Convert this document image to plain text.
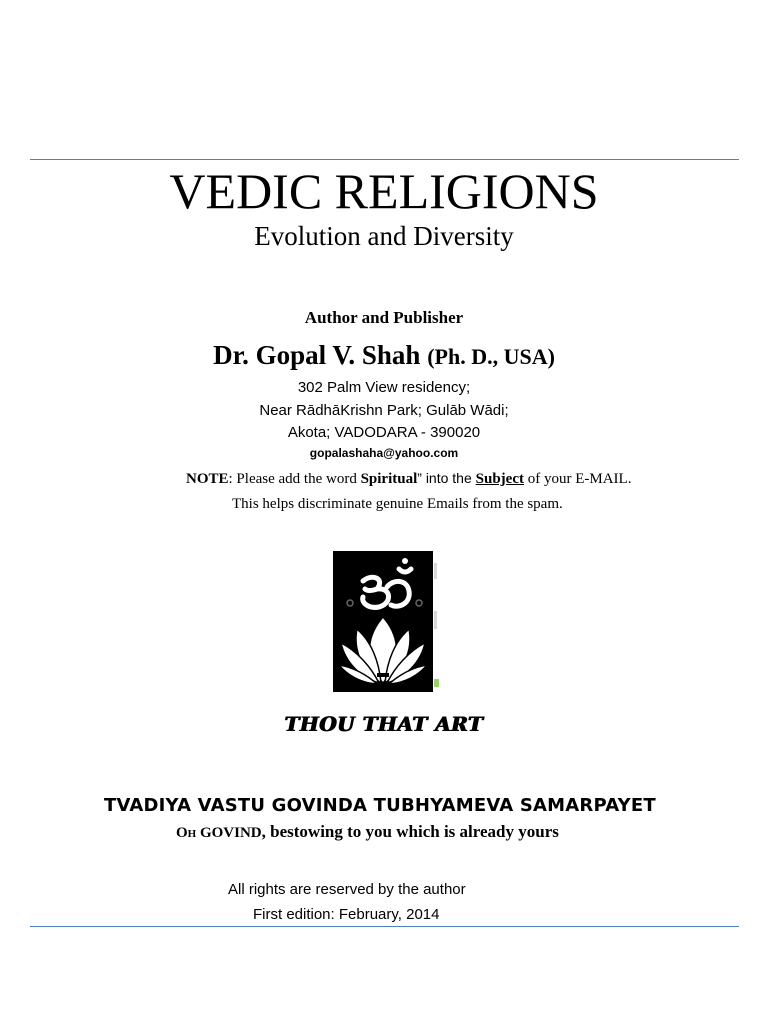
VEDIC RELIGIONS
Evolution and Diversity
Author and Publisher
Dr. Gopal V. Shah (Ph. D., USA)
302 Palm View residency;
Near RādhāKrishn Park; Gulāb Wādi;
Akota; VADODARA - 390020
gopalashaha@yahoo.com
NOTE: Please add the word Spiritual” into the Subject of your E-MAIL.
This helps discriminate genuine Emails from the spam.
THOU THAT ART
TVADIYA VASTU GOVINDA TUBHYAMEVA SAMARPAYET
Oh GOVIND, bestowing to you which is already yours
All rights are reserved by the author
First edition: February, 2014
